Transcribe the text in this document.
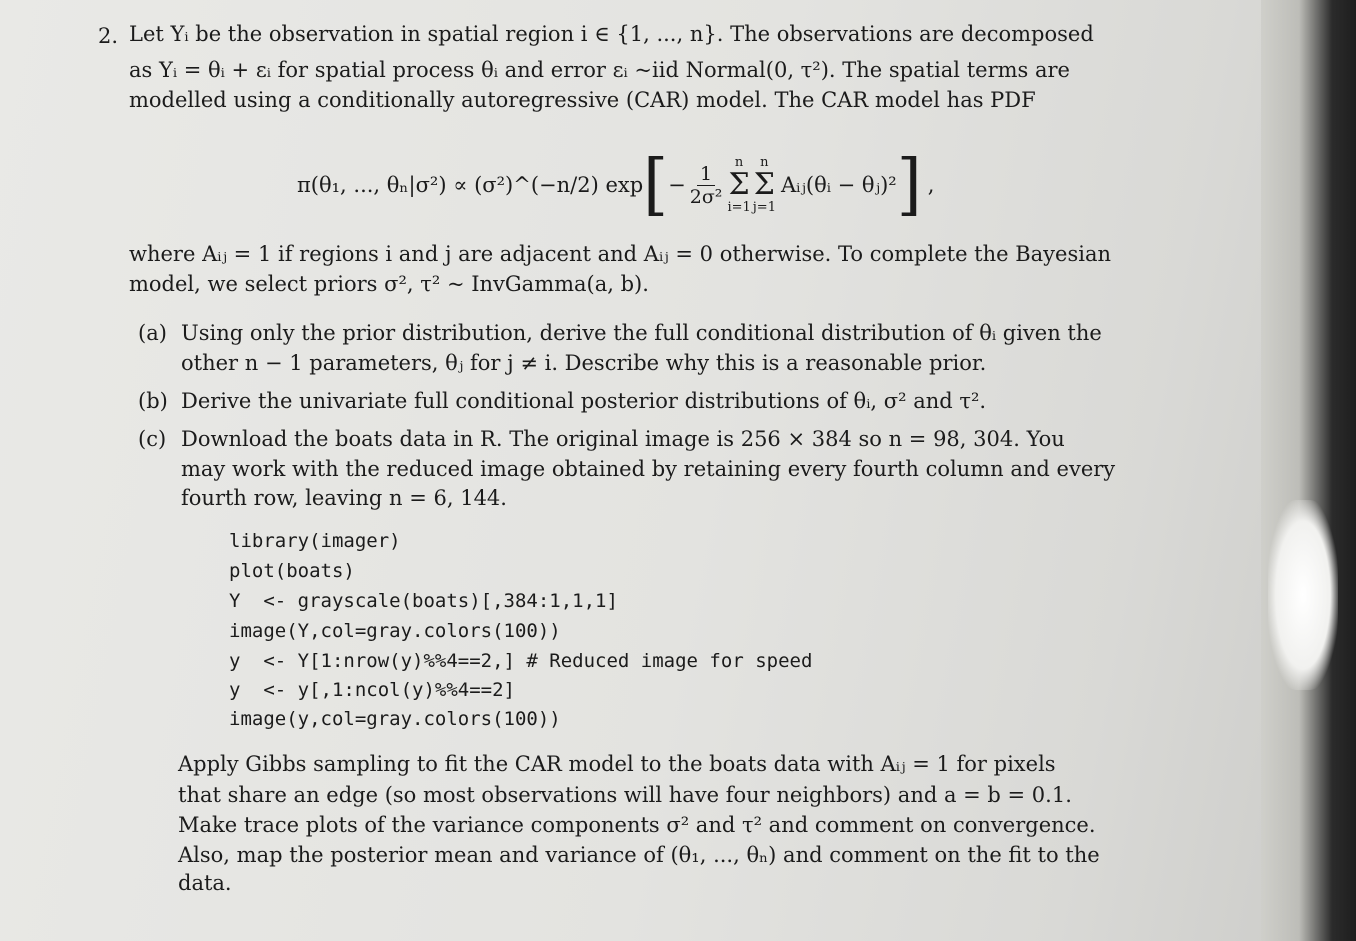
2. Let Yᵢ be the observation in spatial region i ∈ {1, ..., n}. The observations are decomposed
as Yᵢ = θᵢ + εᵢ for spatial process θᵢ and error εᵢ ~iid Normal(0, τ²). The spatial terms are
modelled using a conditionally autoregressive (CAR) model. The CAR model has PDF
π(θ₁, ..., θₙ|σ²) ∝ (σ²)^(−n/2) exp [ − $\frac{1}{\text{2σ²}}$ n
Σ
i=1
n
Σ
j=1
Aᵢⱼ(θᵢ − θⱼ)² ] ,
where Aᵢⱼ = 1 if regions i and j are adjacent and Aᵢⱼ = 0 otherwise. To complete the Bayesian
model, we select priors σ², τ² ~ InvGamma(a, b).
(a) Using only the prior distribution, derive the full conditional distribution of θᵢ given the
other n − 1 parameters, θⱼ for j ≠ i. Describe why this is a reasonable prior.
(b) Derive the univariate full conditional posterior distributions of θᵢ, σ² and τ².
(c) Download the boats data in R. The original image is 256 × 384 so n = 98, 304. You
may work with the reduced image obtained by retaining every fourth column and every
fourth row, leaving n = 6, 144.
library(imager)
plot(boats)
Y  <- grayscale(boats)[,384:1,1,1]
image(Y,col=gray.colors(100))
y  <- Y[1:nrow(y)%%4==2,] # Reduced image for speed
y  <- y[,1:ncol(y)%%4==2]
image(y,col=gray.colors(100))
Apply Gibbs sampling to fit the CAR model to the boats data with Aᵢⱼ = 1 for pixels
that share an edge (so most observations will have four neighbors) and a = b = 0.1.
Make trace plots of the variance components σ² and τ² and comment on convergence.
Also, map the posterior mean and variance of (θ₁, ..., θₙ) and comment on the fit to the
data.
